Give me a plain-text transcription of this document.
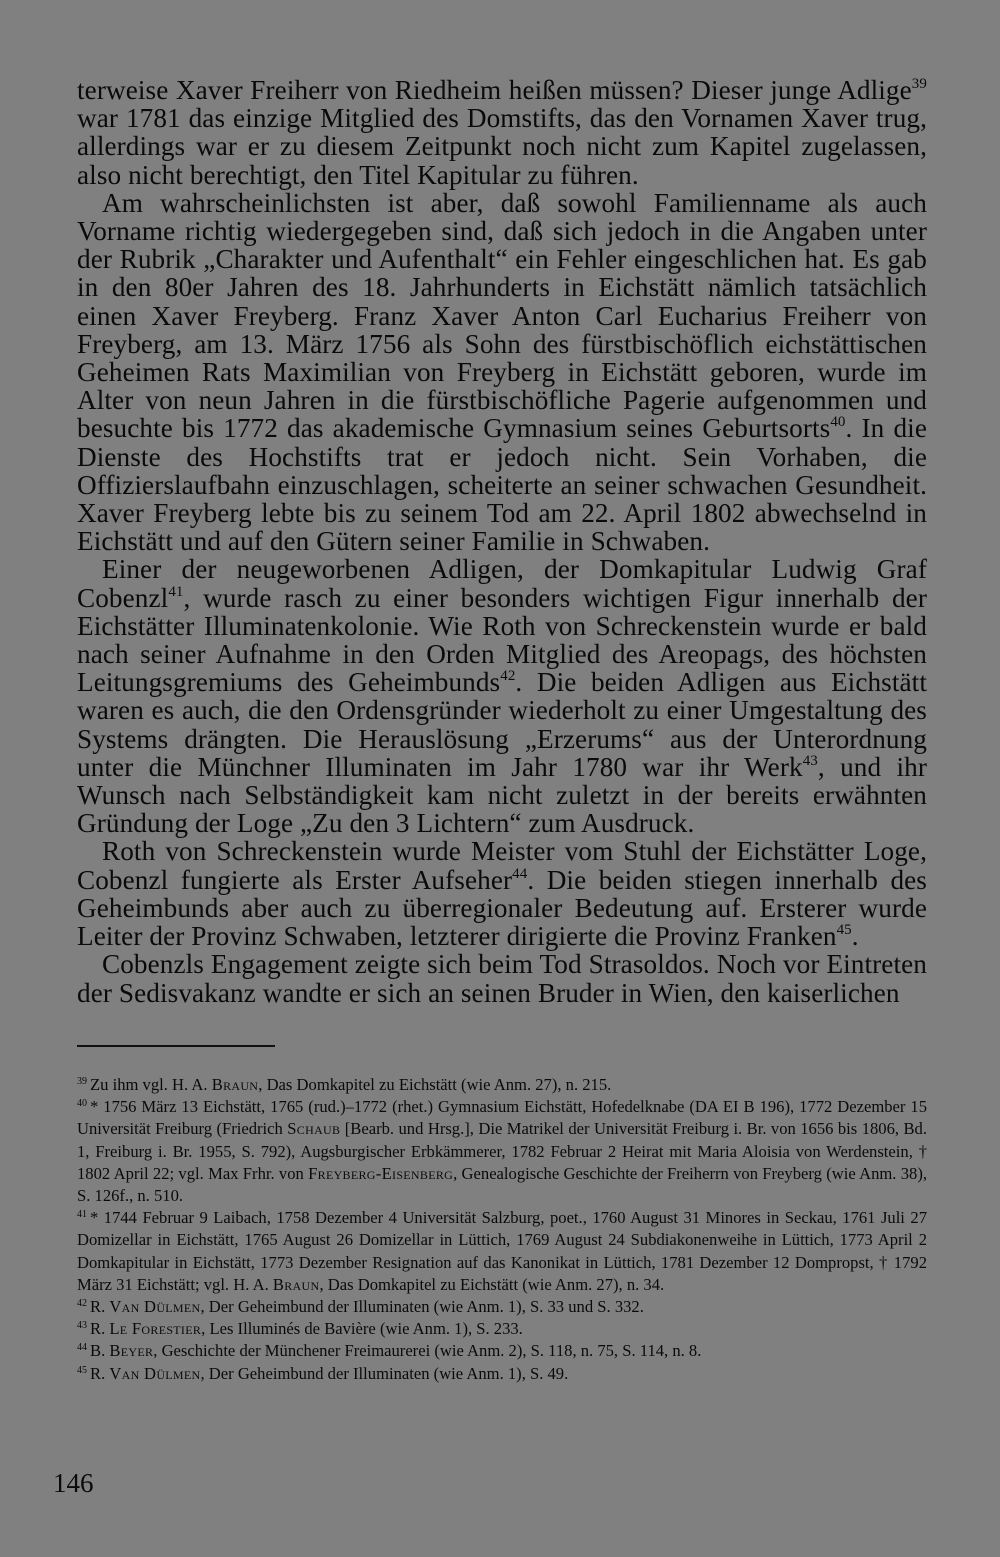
terweise Xaver Freiherr von Riedheim heißen müssen? Dieser junge Adlige$^{39}$ war 1781 das einzige Mitglied des Domstifts, das den Vornamen Xaver trug, allerdings war er zu diesem Zeitpunkt noch nicht zum Kapitel zugelassen, also nicht berechtigt, den Titel Kapitular zu führen.

Am wahrscheinlichsten ist aber, daß sowohl Familienname als auch Vorname richtig wiedergegeben sind, daß sich jedoch in die Angaben unter der Rubrik „Charakter und Aufenthalt“ ein Fehler eingeschlichen hat. Es gab in den 80er Jahren des 18. Jahrhunderts in Eichstätt nämlich tatsächlich einen Xaver Freyberg. Franz Xaver Anton Carl Eucharius Freiherr von Freyberg, am 13. März 1756 als Sohn des fürstbischöflich eichstättischen Geheimen Rats Maximilian von Freyberg in Eichstätt geboren, wurde im Alter von neun Jahren in die fürstbischöfliche Pagerie aufgenommen und besuchte bis 1772 das akademische Gymnasium seines Geburtsorts$^{40}$. In die Dienste des Hochstifts trat er jedoch nicht. Sein Vorhaben, die Offizierslaufbahn einzuschlagen, scheiterte an seiner schwachen Gesundheit. Xaver Freyberg lebte bis zu seinem Tod am 22. April 1802 abwechselnd in Eichstätt und auf den Gütern seiner Familie in Schwaben.

Einer der neugeworbenen Adligen, der Domkapitular Ludwig Graf Cobenzl$^{41}$, wurde rasch zu einer besonders wichtigen Figur innerhalb der Eichstätter Illuminatenkolonie. Wie Roth von Schreckenstein wurde er bald nach seiner Aufnahme in den Orden Mitglied des Areopags, des höchsten Leitungsgremiums des Geheimbunds$^{42}$. Die beiden Adligen aus Eichstätt waren es auch, die den Ordensgründer wiederholt zu einer Umgestaltung des Systems drängten. Die Herauslösung „Erzerums“ aus der Unterordnung unter die Münchner Illuminaten im Jahr 1780 war ihr Werk$^{43}$, und ihr Wunsch nach Selbständigkeit kam nicht zuletzt in der bereits erwähnten Gründung der Loge „Zu den 3 Lichtern“ zum Ausdruck.

Roth von Schreckenstein wurde Meister vom Stuhl der Eichstätter Loge, Cobenzl fungierte als Erster Aufseher$^{44}$. Die beiden stiegen innerhalb des Geheimbunds aber auch zu überregionaler Bedeutung auf. Ersterer wurde Leiter der Provinz Schwaben, letzterer dirigierte die Provinz Franken$^{45}$.

Cobenzls Engagement zeigte sich beim Tod Strasoldos. Noch vor Eintreten der Sedisvakanz wandte er sich an seinen Bruder in Wien, den kaiserlichen

$^{39}$ Zu ihm vgl. H. A. Braun, Das Domkapitel zu Eichstätt (wie Anm. 27), n. 215.

$^{40}$ * 1756 März 13 Eichstätt, 1765 (rud.)–1772 (rhet.) Gymnasium Eichstätt, Hofedelknabe (DA EI B 196), 1772 Dezember 15 Universität Freiburg (Friedrich Schaub [Bearb. und Hrsg.], Die Matrikel der Universität Freiburg i. Br. von 1656 bis 1806, Bd. 1, Freiburg i. Br. 1955, S. 792), Augsburgischer Erbkämmerer, 1782 Februar 2 Heirat mit Maria Aloisia von Werdenstein, † 1802 April 22; vgl. Max Frhr. von Freyberg-Eisenberg, Genealogische Geschichte der Freiherrn von Freyberg (wie Anm. 38), S. 126f., n. 510.

$^{41}$ * 1744 Februar 9 Laibach, 1758 Dezember 4 Universität Salzburg, poet., 1760 August 31 Minores in Seckau, 1761 Juli 27 Domizellar in Eichstätt, 1765 August 26 Domizellar in Lüttich, 1769 August 24 Subdiakonenweihe in Lüttich, 1773 April 2 Domkapitular in Eichstätt, 1773 Dezember Resignation auf das Kanonikat in Lüttich, 1781 Dezember 12 Dompropst, † 1792 März 31 Eichstätt; vgl. H. A. Braun, Das Domkapitel zu Eichstätt (wie Anm. 27), n. 34.

$^{42}$ R. Van Dülmen, Der Geheimbund der Illuminaten (wie Anm. 1), S. 33 und S. 332.

$^{43}$ R. Le Forestier, Les Illuminés de Bavière (wie Anm. 1), S. 233.

$^{44}$ B. Beyer, Geschichte der Münchener Freimaurerei (wie Anm. 2), S. 118, n. 75, S. 114, n. 8.

$^{45}$ R. Van Dülmen, Der Geheimbund der Illuminaten (wie Anm. 1), S. 49.

146
